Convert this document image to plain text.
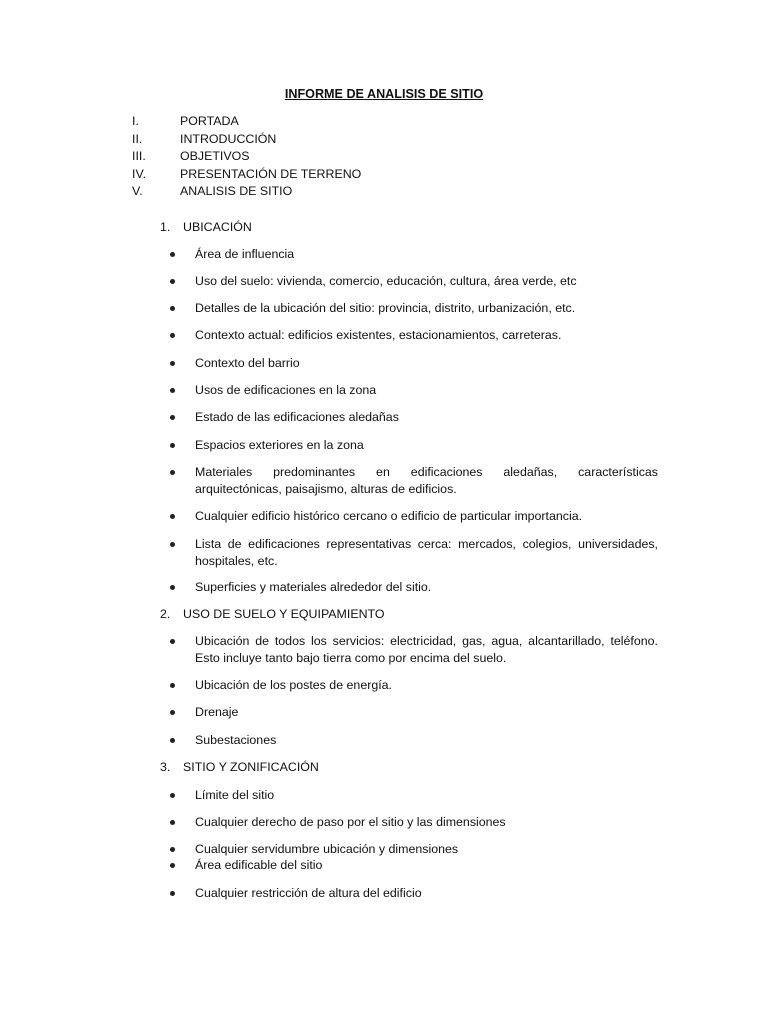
INFORME DE ANALISIS DE SITIO
I.	PORTADA
II.	INTRODUCCIÓN
III.	OBJETIVOS
IV.	PRESENTACIÓN DE TERRENO
V.	ANALISIS DE SITIO
1. UBICACIÓN
Área de influencia
Uso del suelo: vivienda, comercio, educación, cultura, área verde, etc
Detalles de la ubicación del sitio: provincia, distrito, urbanización, etc.
Contexto actual: edificios existentes, estacionamientos, carreteras.
Contexto del barrio
Usos de edificaciones en la zona
Estado de las edificaciones aledañas
Espacios exteriores en la zona
Materiales predominantes en edificaciones aledañas, características arquitectónicas, paisajismo, alturas de edificios.
Cualquier edificio histórico cercano o edificio de particular importancia.
Lista de edificaciones representativas cerca: mercados, colegios, universidades, hospitales, etc.
Superficies y materiales alrededor del sitio.
2. USO DE SUELO Y EQUIPAMIENTO
Ubicación de todos los servicios: electricidad, gas, agua, alcantarillado, teléfono. Esto incluye tanto bajo tierra como por encima del suelo.
Ubicación de los postes de energía.
Drenaje
Subestaciones
3. SITIO Y ZONIFICACIÓN
Límite del sitio
Cualquier derecho de paso por el sitio y las dimensiones
Cualquier servidumbre ubicación y dimensiones
Área edificable del sitio
Cualquier restricción de altura del edificio
